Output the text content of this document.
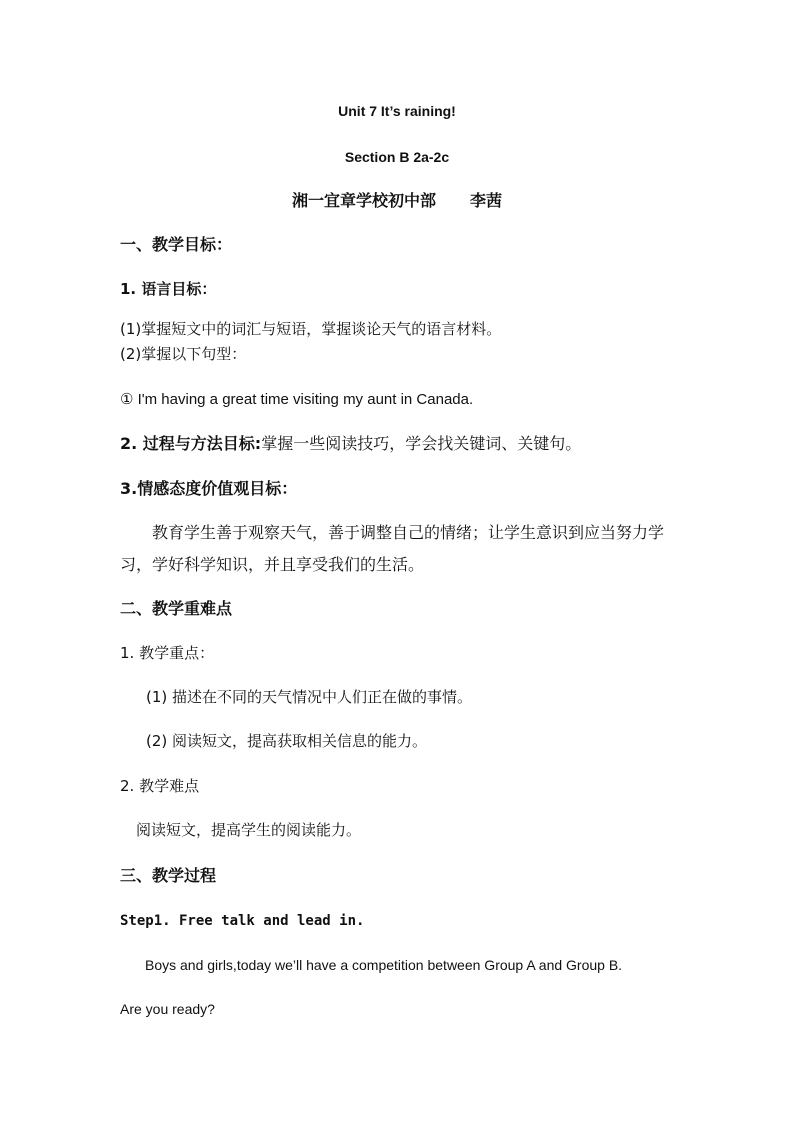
Unit 7 It’s raining!
Section B 2a-2c
湘一宜章学校初中部 李茜
一、教学目标：
1. 语言目标：
(1)掌握短文中的词汇与短语，掌握谈论天气的语言材料。
(2)掌握以下句型：
① I'm having a great time visiting my aunt in Canada.
2. 过程与方法目标:掌握一些阅读技巧，学会找关键词、关键句。
3.情感态度价值观目标：
教育学生善于观察天气，善于调整自己的情绪；让学生意识到应当努力学
习，学好科学知识，并且享受我们的生活。
二、教学重难点
1. 教学重点：
(1) 描述在不同的天气情况中人们正在做的事情。
(2) 阅读短文，提高获取相关信息的能力。
2. 教学难点
阅读短文，提高学生的阅读能力。
三、教学过程
Step1. Free talk and lead in.
Boys and girls,today we’ll have a competition between Group A and Group B.
Are you ready?
